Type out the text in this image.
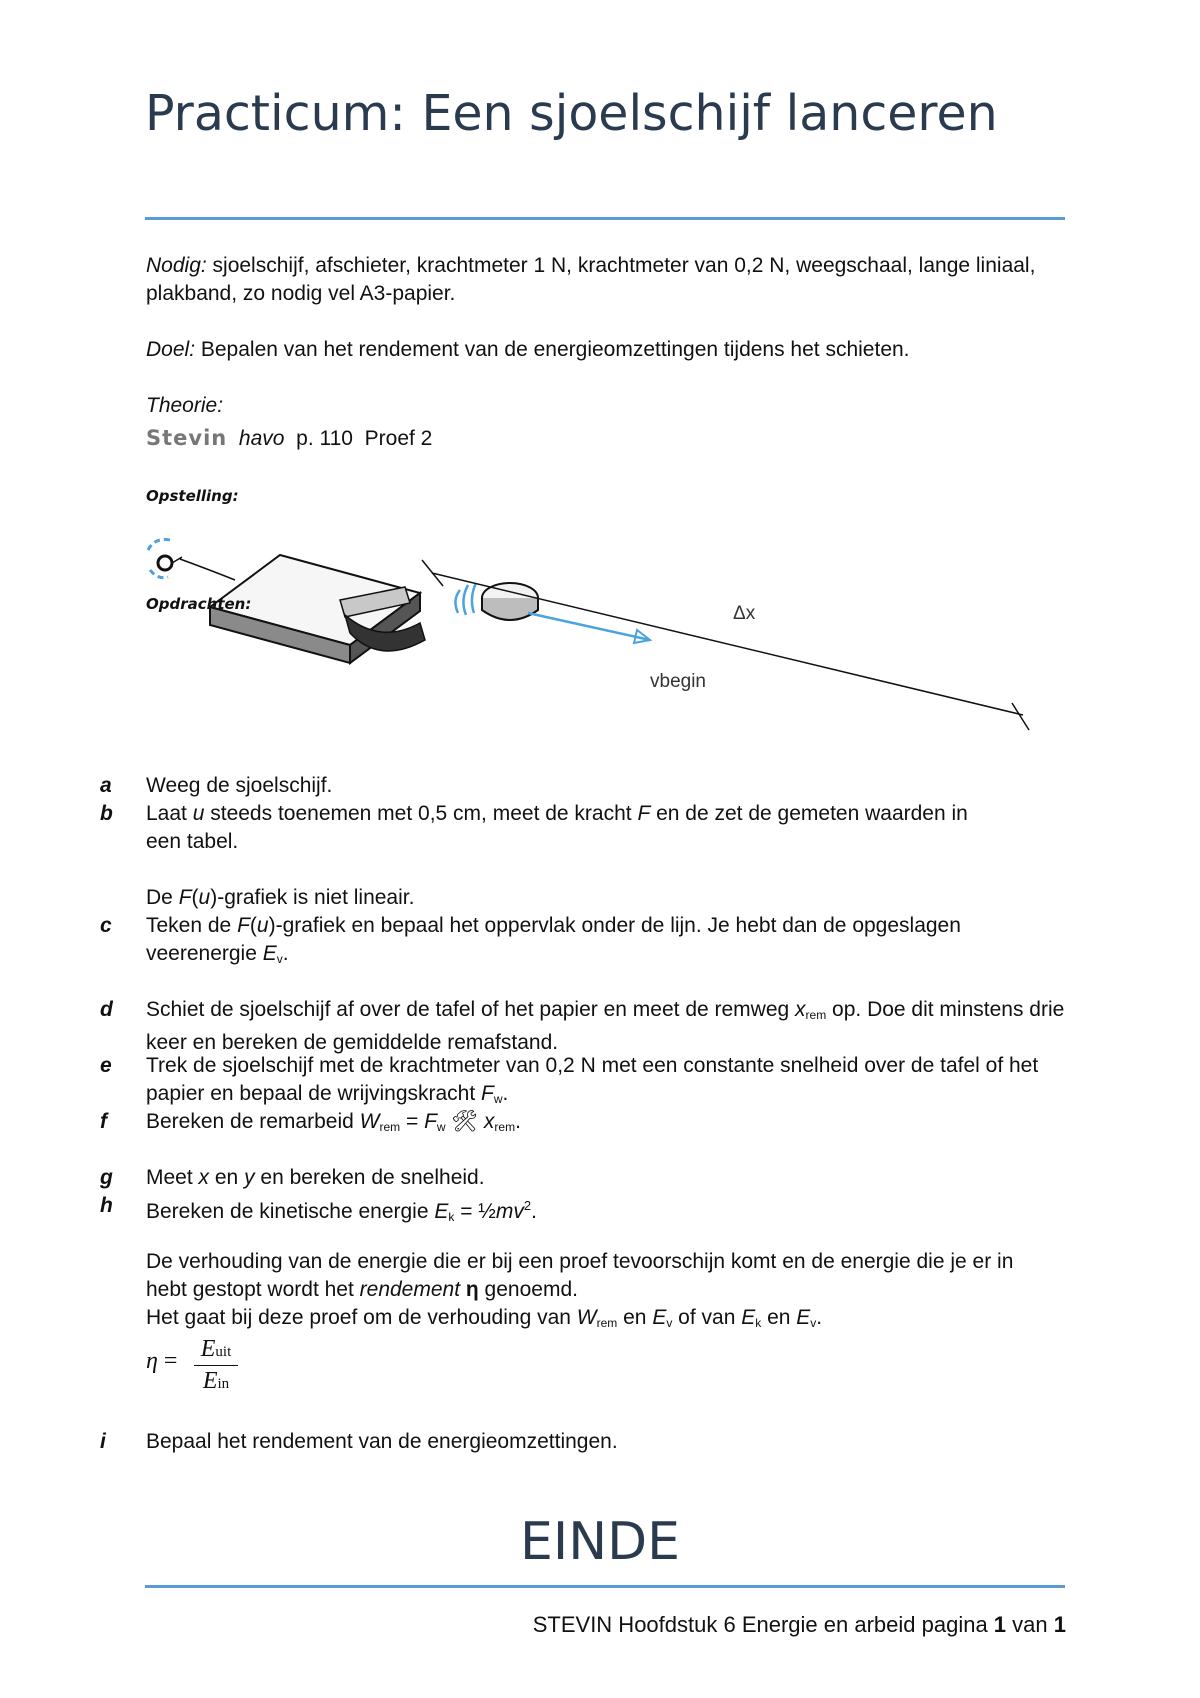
Practicum: Een sjoelschijf lanceren

Nodig: sjoelschijf, afschieter, krachtmeter 1 N, krachtmeter van 0,2 N, weegschaal, lange liniaal, plakband, zo nodig vel A3-papier.

Doel: Bepalen van het rendement van de energieomzettingen tijdens het schieten.

Theorie:

Stevin havo p. 110 Proef 2

Opstelling:
Δx
vbegin
Opdrachten:
a Weeg de sjoelschijf.

b Laat u steeds toenemen met 0,5 cm, meet de kracht F en de zet de gemeten waarden in een tabel.

De F(u)-grafiek is niet lineair.

c Teken de F(u)-grafiek en bepaal het oppervlak onder de lijn. Je hebt dan de opgeslagen veerenergie $E_v$.

d Schiet de sjoelschijf af over de tafel of het papier en meet de remweg $x_{rem}$ op. Doe dit minstens drie keer en bereken de gemiddelde remafstand.

e Trek de sjoelschijf met de krachtmeter van 0,2 N met een constante snelheid over de tafel of het papier en bepaal de wrijvingskracht $F_w$.

f Bereken de remarbeid $W_{rem} = F_w$ 🛠 $x_{rem}$.

g Meet x en y en bereken de snelheid.

h Bereken de kinetische energie $E_k$ = $\frac{1}{2}mv^2$.

De verhouding van de energie die er bij een proef tevoorschijn komt en de energie die je er in hebt gestopt wordt het rendement η genoemd.

Het gaat bij deze proef om de verhouding van $W_{rem}$ en $E_v$ of van $E_k$ en $E_v$.

η = Euit
Ein
i Bepaal het rendement van de energieomzettingen.

EINDE
STEVIN Hoofdstuk 6 Energie en arbeid pagina 1 van 1
